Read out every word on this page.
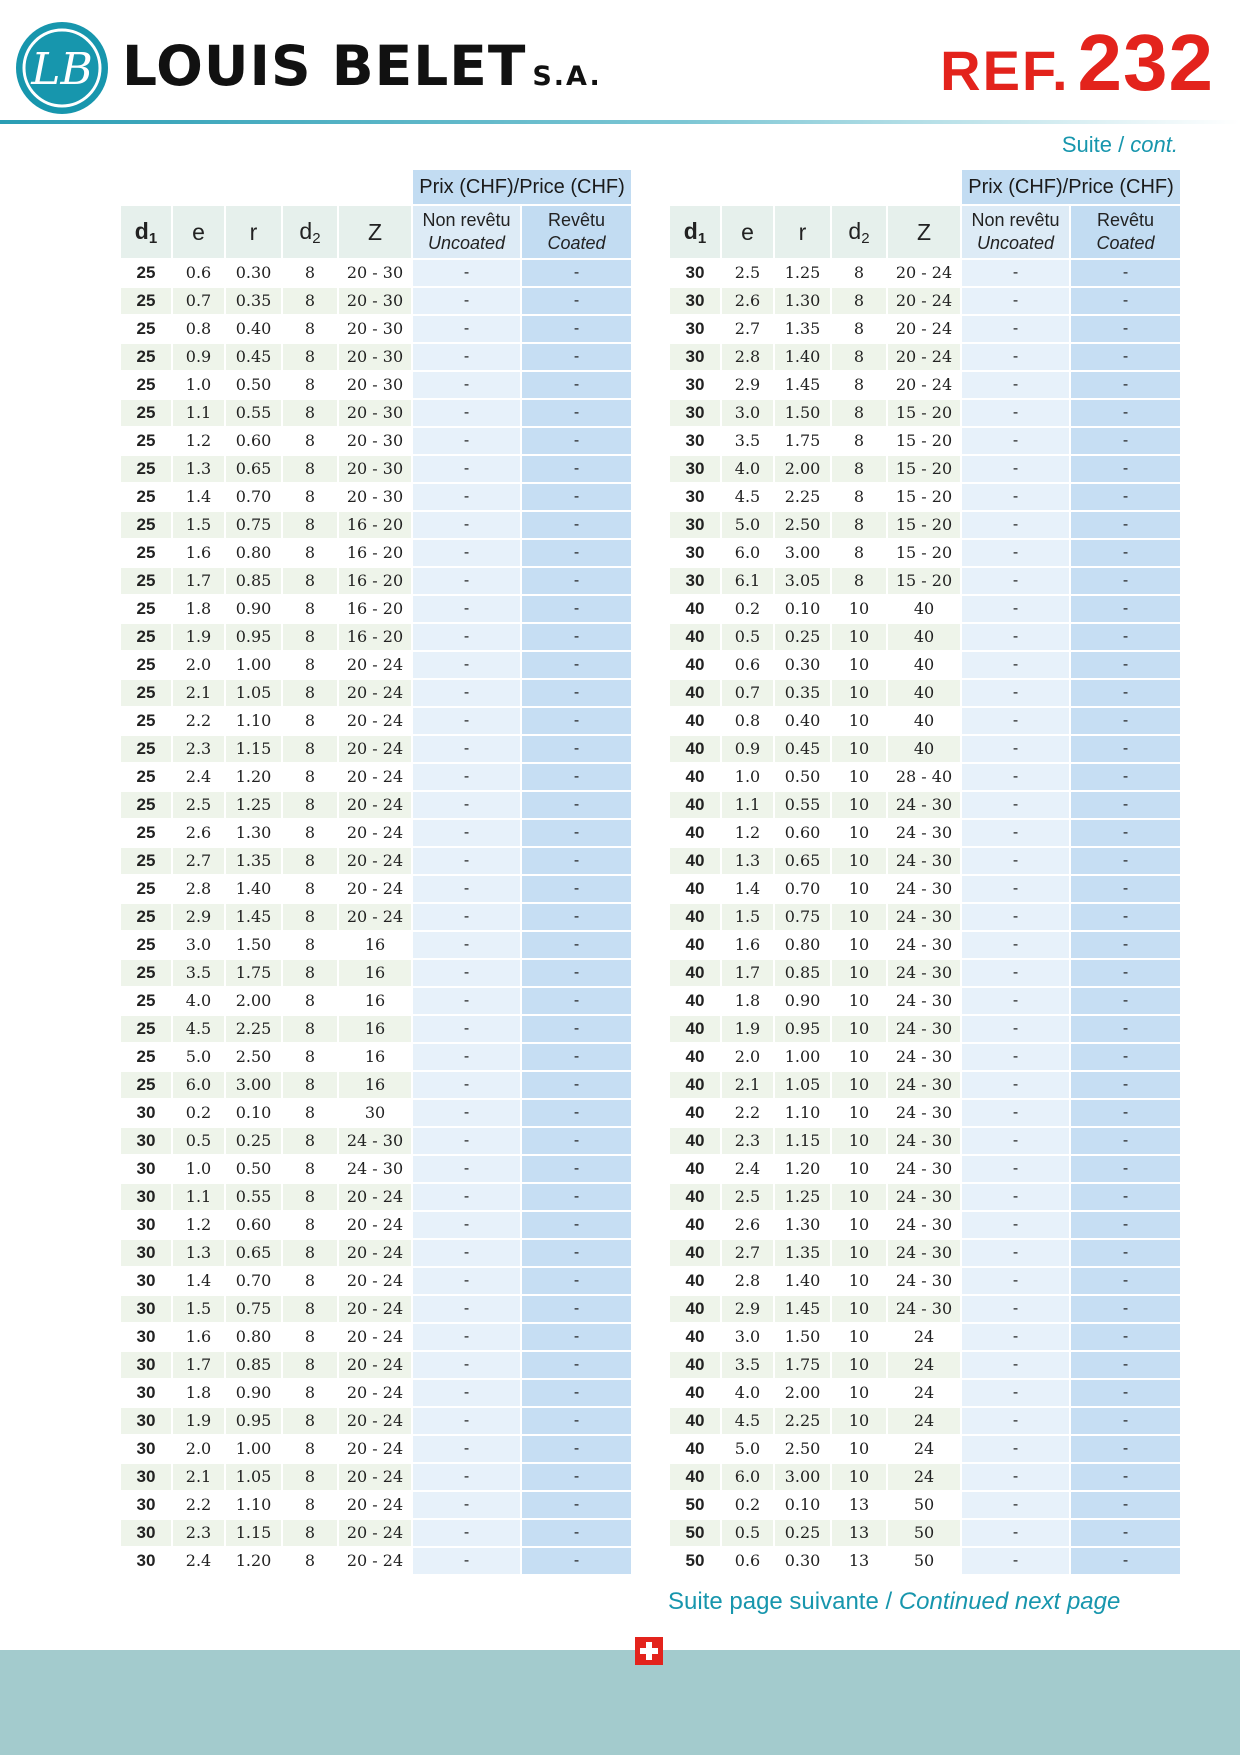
LB LOUIS BELET S.A.	REF. 232
Suite / cont.
					Prix (CHF)/Price (CHF)	
$d_1$	e	r	$d_2$	Z	Non revêtu
Uncoated	Revêtu
Coated
25	0.6	0.30	8	20 - 30	-	-
25	0.7	0.35	8	20 - 30	-	-
25	0.8	0.40	8	20 - 30	-	-
25	0.9	0.45	8	20 - 30	-	-
25	1.0	0.50	8	20 - 30	-	-
25	1.1	0.55	8	20 - 30	-	-
25	1.2	0.60	8	20 - 30	-	-
25	1.3	0.65	8	20 - 30	-	-
25	1.4	0.70	8	20 - 30	-	-
25	1.5	0.75	8	16 - 20	-	-
25	1.6	0.80	8	16 - 20	-	-
25	1.7	0.85	8	16 - 20	-	-
25	1.8	0.90	8	16 - 20	-	-
25	1.9	0.95	8	16 - 20	-	-
25	2.0	1.00	8	20 - 24	-	-
25	2.1	1.05	8	20 - 24	-	-
25	2.2	1.10	8	20 - 24	-	-
25	2.3	1.15	8	20 - 24	-	-
25	2.4	1.20	8	20 - 24	-	-
25	2.5	1.25	8	20 - 24	-	-
25	2.6	1.30	8	20 - 24	-	-
25	2.7	1.35	8	20 - 24	-	-
25	2.8	1.40	8	20 - 24	-	-
25	2.9	1.45	8	20 - 24	-	-
25	3.0	1.50	8	16	-	-
25	3.5	1.75	8	16	-	-
25	4.0	2.00	8	16	-	-
25	4.5	2.25	8	16	-	-
25	5.0	2.50	8	16	-	-
25	6.0	3.00	8	16	-	-
30	0.2	0.10	8	30	-	-
30	0.5	0.25	8	24 - 30	-	-
30	1.0	0.50	8	24 - 30	-	-
30	1.1	0.55	8	20 - 24	-	-
30	1.2	0.60	8	20 - 24	-	-
30	1.3	0.65	8	20 - 24	-	-
30	1.4	0.70	8	20 - 24	-	-
30	1.5	0.75	8	20 - 24	-	-
30	1.6	0.80	8	20 - 24	-	-
30	1.7	0.85	8	20 - 24	-	-
30	1.8	0.90	8	20 - 24	-	-
30	1.9	0.95	8	20 - 24	-	-
30	2.0	1.00	8	20 - 24	-	-
30	2.1	1.05	8	20 - 24	-	-
30	2.2	1.10	8	20 - 24	-	-
30	2.3	1.15	8	20 - 24	-	-
30	2.4	1.20	8	20 - 24	-	-
					Prix (CHF)/Price (CHF)	
$d_1$	e	r	$d_2$	Z	Non revêtu
Uncoated	Revêtu
Coated
30	2.5	1.25	8	20 - 24	-	-
30	2.6	1.30	8	20 - 24	-	-
30	2.7	1.35	8	20 - 24	-	-
30	2.8	1.40	8	20 - 24	-	-
30	2.9	1.45	8	20 - 24	-	-
30	3.0	1.50	8	15 - 20	-	-
30	3.5	1.75	8	15 - 20	-	-
30	4.0	2.00	8	15 - 20	-	-
30	4.5	2.25	8	15 - 20	-	-
30	5.0	2.50	8	15 - 20	-	-
30	6.0	3.00	8	15 - 20	-	-
30	6.1	3.05	8	15 - 20	-	-
40	0.2	0.10	10	40	-	-
40	0.5	0.25	10	40	-	-
40	0.6	0.30	10	40	-	-
40	0.7	0.35	10	40	-	-
40	0.8	0.40	10	40	-	-
40	0.9	0.45	10	40	-	-
40	1.0	0.50	10	28 - 40	-	-
40	1.1	0.55	10	24 - 30	-	-
40	1.2	0.60	10	24 - 30	-	-
40	1.3	0.65	10	24 - 30	-	-
40	1.4	0.70	10	24 - 30	-	-
40	1.5	0.75	10	24 - 30	-	-
40	1.6	0.80	10	24 - 30	-	-
40	1.7	0.85	10	24 - 30	-	-
40	1.8	0.90	10	24 - 30	-	-
40	1.9	0.95	10	24 - 30	-	-
40	2.0	1.00	10	24 - 30	-	-
40	2.1	1.05	10	24 - 30	-	-
40	2.2	1.10	10	24 - 30	-	-
40	2.3	1.15	10	24 - 30	-	-
40	2.4	1.20	10	24 - 30	-	-
40	2.5	1.25	10	24 - 30	-	-
40	2.6	1.30	10	24 - 30	-	-
40	2.7	1.35	10	24 - 30	-	-
40	2.8	1.40	10	24 - 30	-	-
40	2.9	1.45	10	24 - 30	-	-
40	3.0	1.50	10	24	-	-
40	3.5	1.75	10	24	-	-
40	4.0	2.00	10	24	-	-
40	4.5	2.25	10	24	-	-
40	5.0	2.50	10	24	-	-
40	6.0	3.00	10	24	-	-
50	0.2	0.10	13	50	-	-
50	0.5	0.25	13	50	-	-
50	0.6	0.30	13	50	-	-
Suite page suivante / Continued next page
